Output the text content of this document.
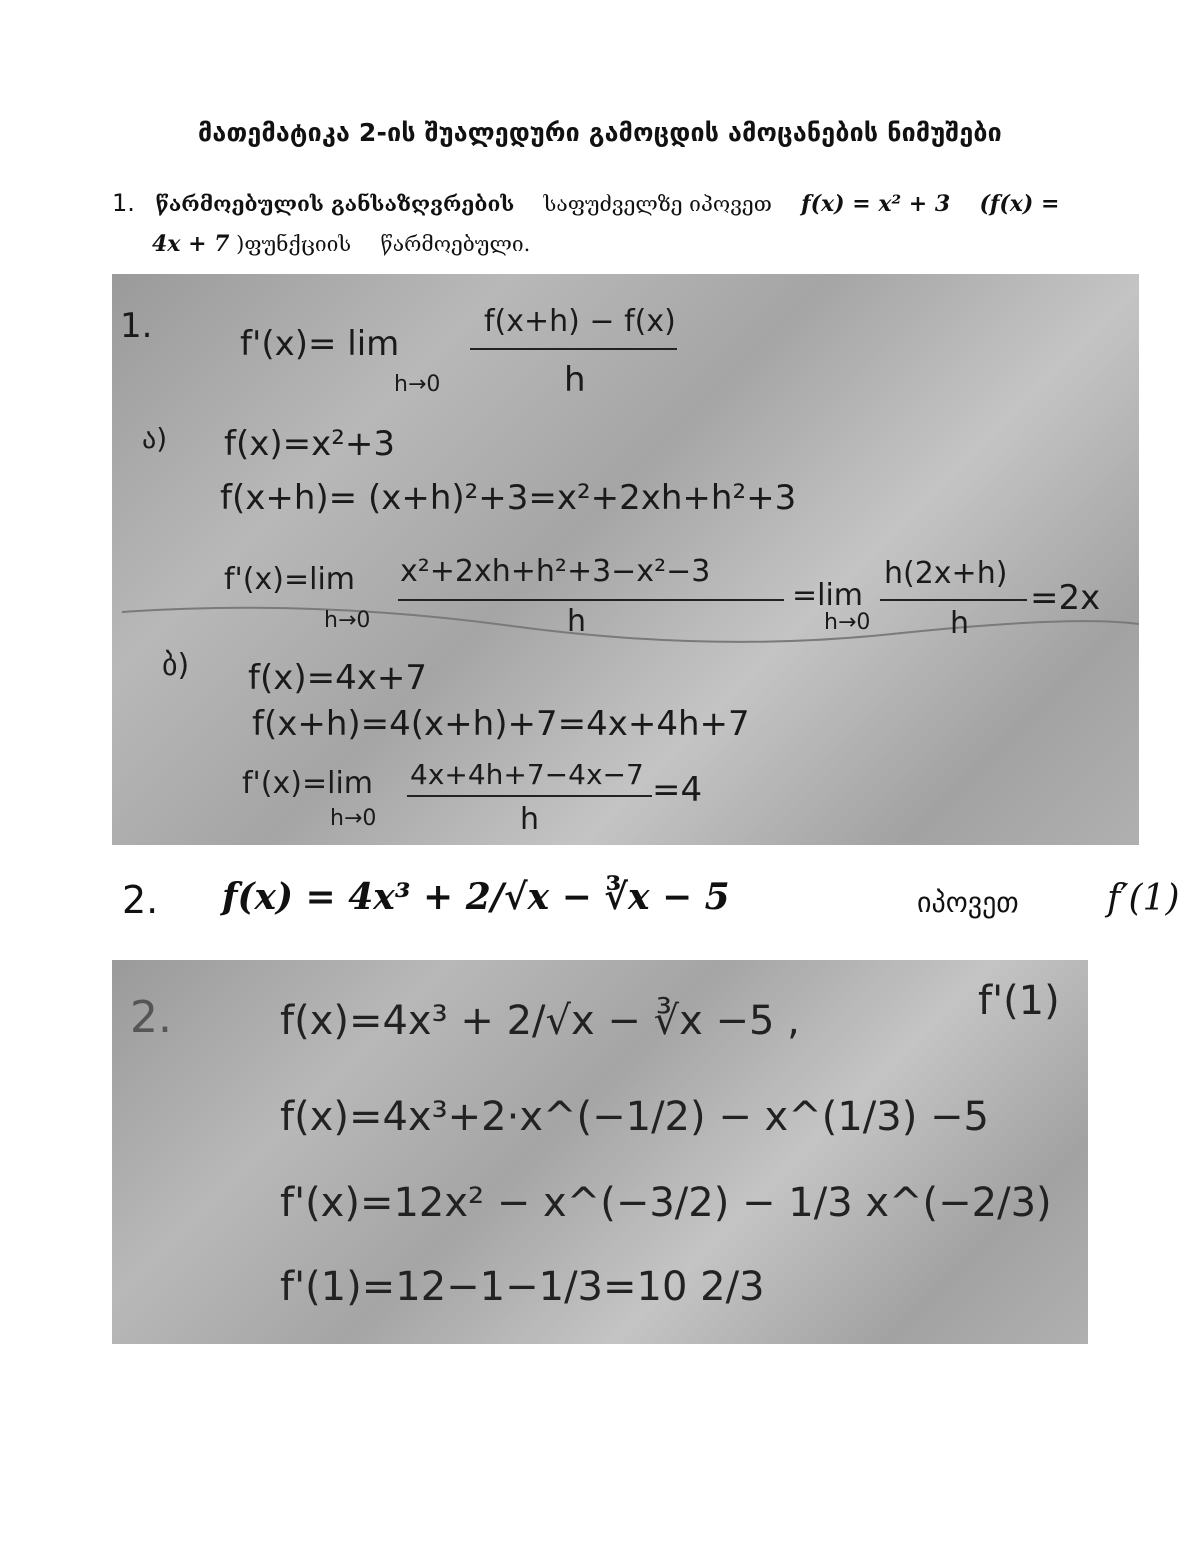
მათემატიკა 2-ის შუალედური გამოცდის ამოცანების ნიმუშები
1. წარმოებულის განსაზღვრების საფუძველზე იპოვეთ f(x) = x² + 3 (f(x) =
4x + 7 )ფუნქციის წარმოებული.
1.	f'(x)= lim
f(x+h) − f(x)
h
h→0
ა) f(x)=x²+3
f(x+h)= (x+h)²+3=x²+2xh+h²+3
f'(x)=lim x²+2xh+h²+3−x²−3
h
h→0
=lim
h→0
h(2x+h)
h
=2x
ბ) f(x)=4x+7
f(x+h)=4(x+h)+7=4x+4h+7
f'(x)=lim 4x+4h+7−4x−7
h
h→0
=4
2. f(x) = 4x³ + 2/√x − ∛x − 5	იპოვეთ f′(1)
2.	f(x)=4x³ + 2/√x − ∛x −5 ,	f'(1)
f(x)=4x³+2·x^(−1/2) − x^(1/3) −5
f'(x)=12x² − x^(−3/2) − 1/3 x^(−2/3)
f'(1)=12−1−1/3=10 2/3
